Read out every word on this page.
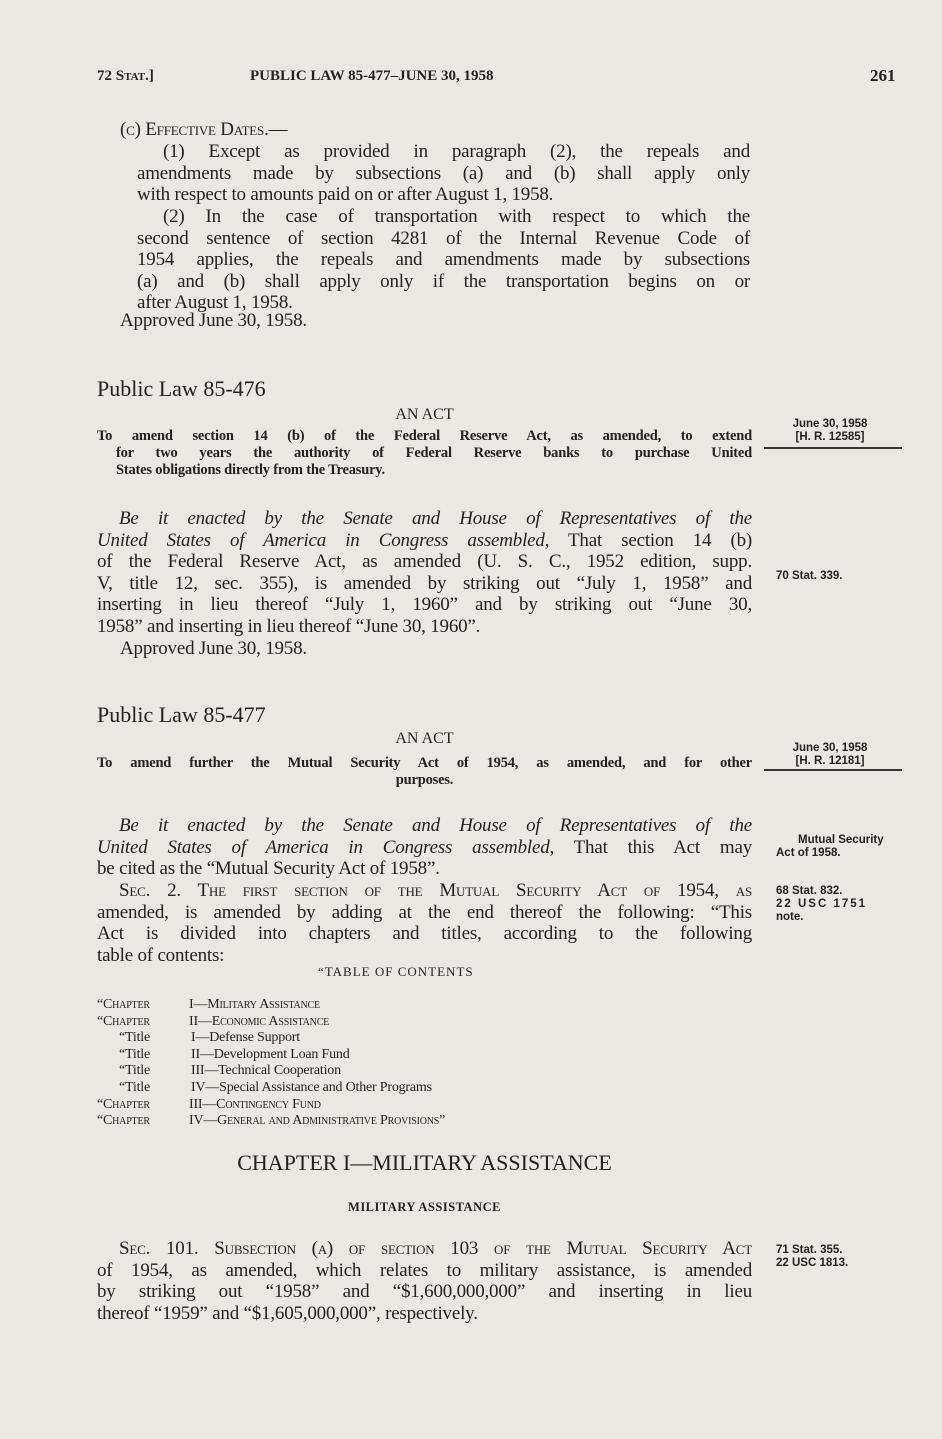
72 Stat.]	PUBLIC LAW 85-477–JUNE 30, 1958	261
(c) Effective Dates.—
(1) Except as provided in paragraph (2), the repeals and
amendments made by subsections (a) and (b) shall apply only
with respect to amounts paid on or after August 1, 1958.
(2) In the case of transportation with respect to which the
second sentence of section 4281 of the Internal Revenue Code of
1954 applies, the repeals and amendments made by subsections
(a) and (b) shall apply only if the transportation begins on or
after August 1, 1958.
Approved June 30, 1958.
Public Law 85-476
AN ACT
To amend section 14 (b) of the Federal Reserve Act, as amended, to extend
for two years the authority of Federal Reserve banks to purchase United
States obligations directly from the Treasury.
Be it enacted by the Senate and House of Representatives of the
United States of America in Congress assembled, That section 14 (b)
of the Federal Reserve Act, as amended (U. S. C., 1952 edition, supp.
V, title 12, sec. 355), is amended by striking out “July 1, 1958” and
inserting in lieu thereof “July 1, 1960” and by striking out “June 30,
1958” and inserting in lieu thereof “June 30, 1960”.
Approved June 30, 1958.
June 30, 1958
[H. R. 12585]
70 Stat. 339.
Public Law 85-477
AN ACT
To amend further the Mutual Security Act of 1954, as amended, and for other
purposes.
Be it enacted by the Senate and House of Representatives of the
United States of America in Congress assembled, That this Act may
be cited as the “Mutual Security Act of 1958”.
Sec. 2. The first section of the Mutual Security Act of 1954, as
amended, is amended by adding at the end thereof the following: “This
Act is divided into chapters and titles, according to the following
table of contents:
“TABLE OF CONTENTS
“Chapter	I—Military Assistance
“Chapter	II—Economic Assistance
“Title	I—Defense Support
“Title	II—Development Loan Fund
“Title	III—Technical Cooperation
“Title	IV—Special Assistance and Other Programs
“Chapter	III—Contingency Fund
“Chapter	IV—General and Administrative Provisions”
CHAPTER I—MILITARY ASSISTANCE
MILITARY ASSISTANCE
Sec. 101. Subsection (a) of section 103 of the Mutual Security Act
of 1954, as amended, which relates to military assistance, is amended
by striking out “1958” and “$1,600,000,000” and inserting in lieu
thereof “1959” and “$1,605,000,000”, respectively.
June 30, 1958
[H. R. 12181]
Mutual Security
Act of 1958.
68 Stat. 832.
22 USC 1751
note.
71 Stat. 355.
22 USC 1813.
